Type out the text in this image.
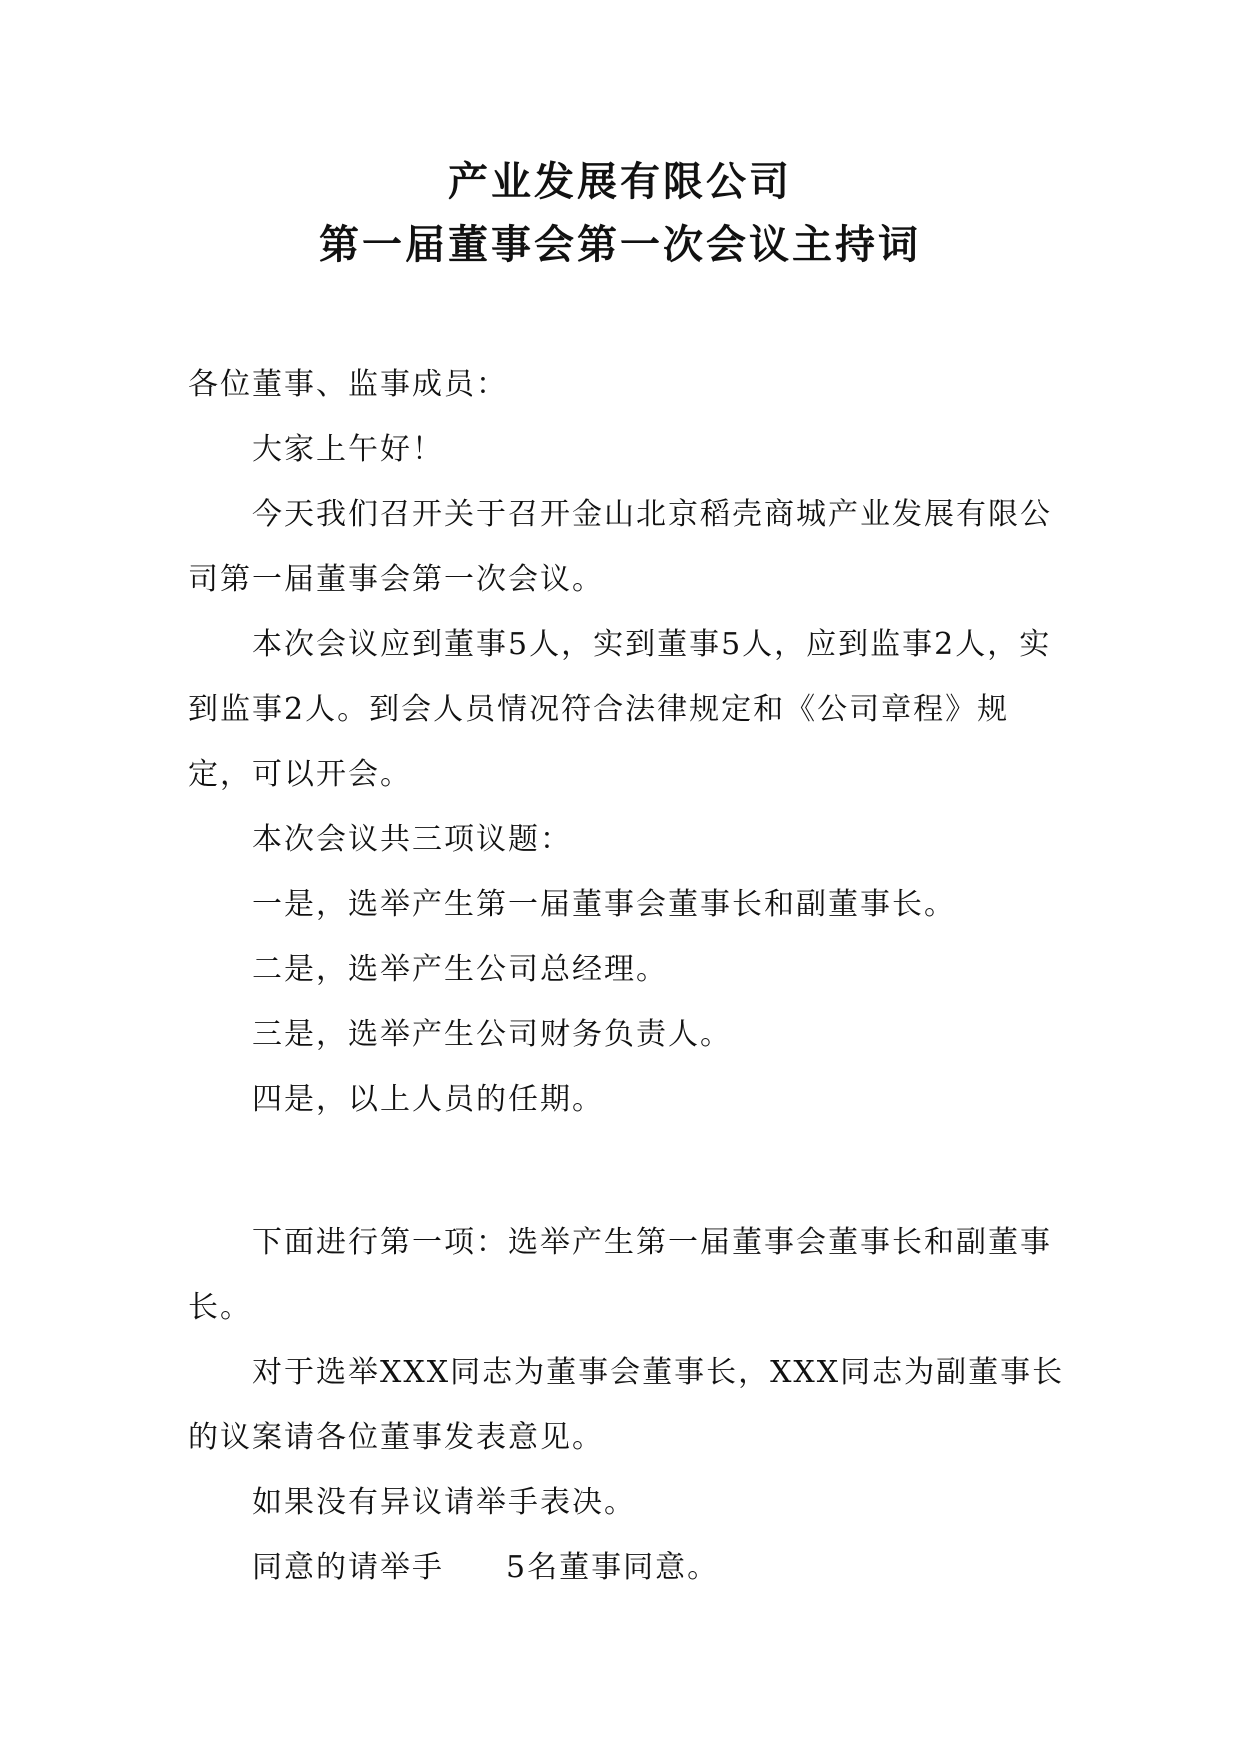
产业发展有限公司
第一届董事会第一次会议主持词

各位董事、监事成员：

大家上午好！

今天我们召开关于召开金山北京稻壳商城产业发展有限公司第一届董事会第一次会议。

本次会议应到董事5人，实到董事5人，应到监事2人，实到监事2人。到会人员情况符合法律规定和《公司章程》规定，可以开会。

本次会议共三项议题：

一是，选举产生第一届董事会董事长和副董事长。

二是，选举产生公司总经理。

三是，选举产生公司财务负责人。

四是，以上人员的任期。

下面进行第一项：选举产生第一届董事会董事长和副董事长。

对于选举XXX同志为董事会董事长，XXX同志为副董事长的议案请各位董事发表意见。

如果没有异议请举手表决。

同意的请举手 5名董事同意。
